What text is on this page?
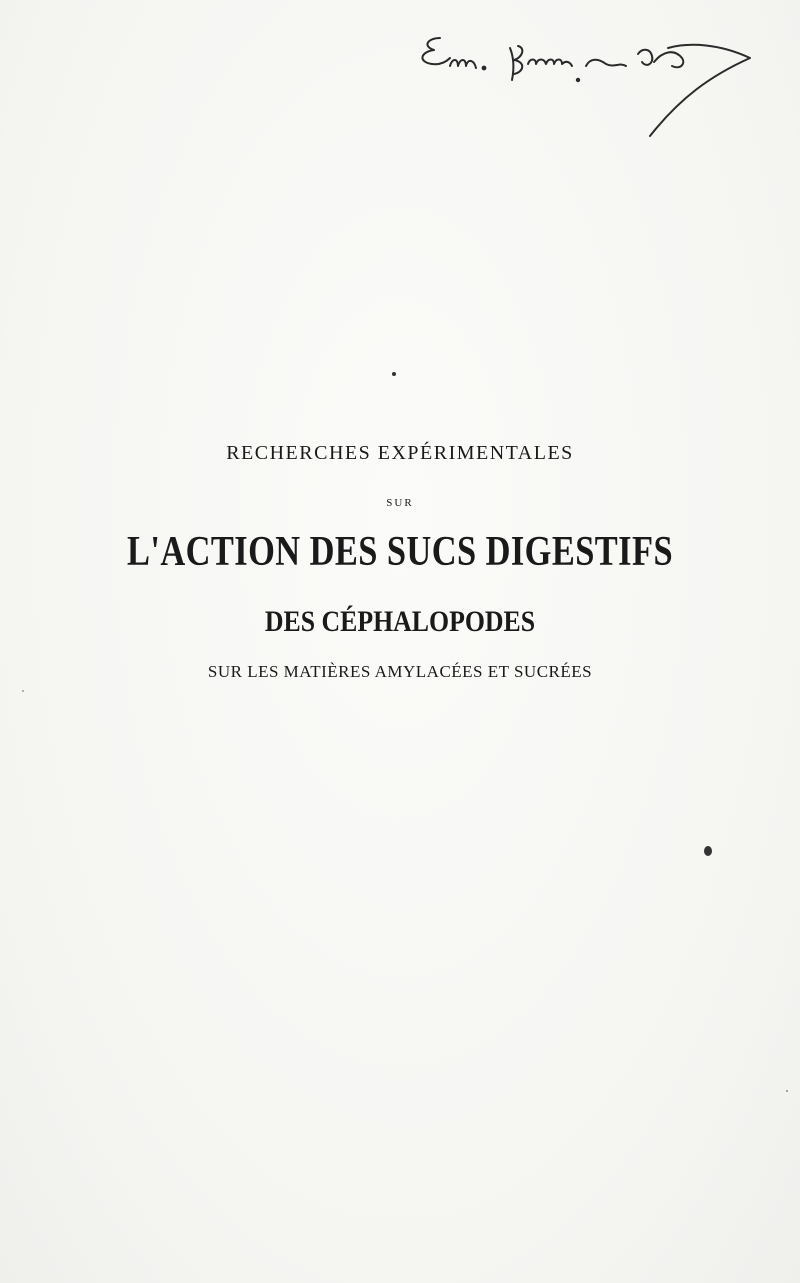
RECHERCHES EXPÉRIMENTALES
SUR
L'ACTION DES SUCS DIGESTIFS
DES CÉPHALOPODES
SUR LES MATIÈRES AMYLACÉES ET SUCRÉES
